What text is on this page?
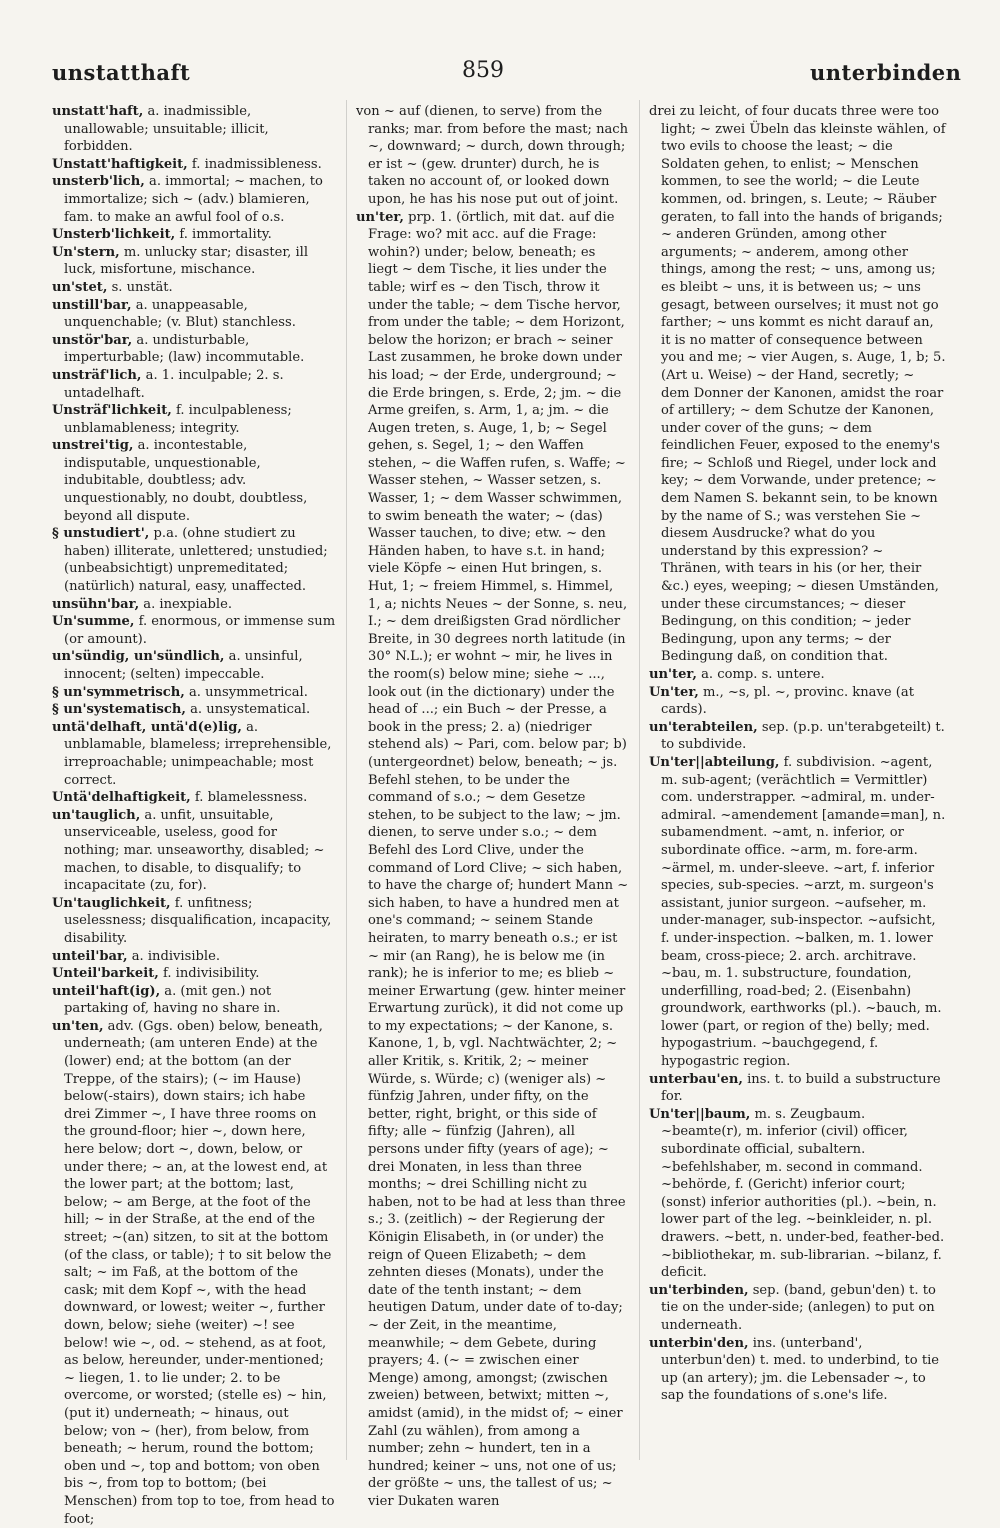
unstatthaft	859	unterbinden

unstatt'haft, a. inadmissible, unallowable; unsuitable; illicit, forbidden.

Unstatt'haftigkeit, f. inadmissibleness.

unsterb'lich, a. immortal; ~ machen, to immortalize; sich ~ (adv.) blamieren, fam. to make an awful fool of o.s.

Unsterb'lichkeit, f. immortality.

Un'stern, m. unlucky star; disaster, ill luck, misfortune, mischance.

un'stet, s. unstät.

unstill'bar, a. unappeasable, unquenchable; (v. Blut) stanchless.

unstör'bar, a. undisturbable, imperturbable; (law) incommutable.

unsträf'lich, a. 1. inculpable; 2. s. untadelhaft.

Unsträf'lichkeit, f. inculpableness; unblamableness; integrity.

unstrei'tig, a. incontestable, indisputable, unquestionable, indubitable, doubtless; adv. unquestionably, no doubt, doubtless, beyond all dispute.

§ unstudiert', p.a. (ohne studiert zu haben) illiterate, unlettered; unstudied; (unbeabsichtigt) unpremeditated; (natürlich) natural, easy, unaffected.

unsühn'bar, a. inexpiable.

Un'summe, f. enormous, or immense sum (or amount).

un'sündig, un'sündlich, a. unsinful, innocent; (selten) impeccable.

§ un'symmetrisch, a. unsymmetrical.

§ un'systematisch, a. unsystematical.

untä'delhaft, untä'd(e)lig, a. unblamable, blameless; irreprehensible, irreproachable; unimpeachable; most correct.

Untä'delhaftigkeit, f. blamelessness.

un'tauglich, a. unfit, unsuitable, unserviceable, useless, good for nothing; mar. unseaworthy, disabled; ~ machen, to disable, to disqualify; to incapacitate (zu, for).

Un'tauglichkeit, f. unfitness; uselessness; disqualification, incapacity, disability.

unteil'bar, a. indivisible.

Unteil'barkeit, f. indivisibility.

unteil'haft(ig), a. (mit gen.) not partaking of, having no share in.

un'ten, adv. (Ggs. oben) below, beneath, underneath; (am unteren Ende) at the (lower) end; at the bottom (an der Treppe, of the stairs); (~ im Hause) below(-stairs), down stairs; ich habe drei Zimmer ~, I have three rooms on the ground-floor; hier ~, down here, here below; dort ~, down, below, or under there; ~ an, at the lowest end, at the lower part; at the bottom; last, below; ~ am Berge, at the foot of the hill; ~ in der Straße, at the end of the street; ~(an) sitzen, to sit at the bottom (of the class, or table); † to sit below the salt; ~ im Faß, at the bottom of the cask; mit dem Kopf ~, with the head downward, or lowest; weiter ~, further down, below; siehe (weiter) ~! see below! wie ~, od. ~ stehend, as at foot, as below, hereunder, under-mentioned; ~ liegen, 1. to lie under; 2. to be overcome, or worsted; (stelle es) ~ hin, (put it) underneath; ~ hinaus, out below; von ~ (her), from below, from beneath; ~ herum, round the bottom; oben und ~, top and bottom; von oben bis ~, from top to bottom; (bei Menschen) from top to toe, from head to foot;

von ~ auf (dienen, to serve) from the ranks; mar. from before the mast; nach ~, downward; ~ durch, down through; er ist ~ (gew. drunter) durch, he is taken no account of, or looked down upon, he has his nose put out of joint.

un'ter, prp. 1. (örtlich, mit dat. auf die Frage: wo? mit acc. auf die Frage: wohin?) under; below, beneath; es liegt ~ dem Tische, it lies under the table; wirf es ~ den Tisch, throw it under the table; ~ dem Tische hervor, from under the table; ~ dem Horizont, below the horizon; er brach ~ seiner Last zusammen, he broke down under his load; ~ der Erde, underground; ~ die Erde bringen, s. Erde, 2; jm. ~ die Arme greifen, s. Arm, 1, a; jm. ~ die Augen treten, s. Auge, 1, b; ~ Segel gehen, s. Segel, 1; ~ den Waffen stehen, ~ die Waffen rufen, s. Waffe; ~ Wasser stehen, ~ Wasser setzen, s. Wasser, 1; ~ dem Wasser schwimmen, to swim beneath the water; ~ (das) Wasser tauchen, to dive; etw. ~ den Händen haben, to have s.t. in hand; viele Köpfe ~ einen Hut bringen, s. Hut, 1; ~ freiem Himmel, s. Himmel, 1, a; nichts Neues ~ der Sonne, s. neu, I.; ~ dem dreißigsten Grad nördlicher Breite, in 30 degrees north latitude (in 30° N.L.); er wohnt ~ mir, he lives in the room(s) below mine; siehe ~ ..., look out (in the dictionary) under the head of ...; ein Buch ~ der Presse, a book in the press; 2. a) (niedriger stehend als) ~ Pari, com. below par; b) (untergeordnet) below, beneath; ~ js. Befehl stehen, to be under the command of s.o.; ~ dem Gesetze stehen, to be subject to the law; ~ jm. dienen, to serve under s.o.; ~ dem Befehl des Lord Clive, under the command of Lord Clive; ~ sich haben, to have the charge of; hundert Mann ~ sich haben, to have a hundred men at one's command; ~ seinem Stande heiraten, to marry beneath o.s.; er ist ~ mir (an Rang), he is below me (in rank); he is inferior to me; es blieb ~ meiner Erwartung (gew. hinter meiner Erwartung zurück), it did not come up to my expectations; ~ der Kanone, s. Kanone, 1, b, vgl. Nachtwächter, 2; ~ aller Kritik, s. Kritik, 2; ~ meiner Würde, s. Würde; c) (weniger als) ~ fünfzig Jahren, under fifty, on the better, right, bright, or this side of fifty; alle ~ fünfzig (Jahren), all persons under fifty (years of age); ~ drei Monaten, in less than three months; ~ drei Schilling nicht zu haben, not to be had at less than three s.; 3. (zeitlich) ~ der Regierung der Königin Elisabeth, in (or under) the reign of Queen Elizabeth; ~ dem zehnten dieses (Monats), under the date of the tenth instant; ~ dem heutigen Datum, under date of to-day; ~ der Zeit, in the meantime, meanwhile; ~ dem Gebete, during prayers; 4. (~ = zwischen einer Menge) among, amongst; (zwischen zweien) between, betwixt; mitten ~, amidst (amid), in the midst of; ~ einer Zahl (zu wählen), from among a number; zehn ~ hundert, ten in a hundred; keiner ~ uns, not one of us; der größte ~ uns, the tallest of us; ~ vier Dukaten waren

drei zu leicht, of four ducats three were too light; ~ zwei Übeln das kleinste wählen, of two evils to choose the least; ~ die Soldaten gehen, to enlist; ~ Menschen kommen, to see the world; ~ die Leute kommen, od. bringen, s. Leute; ~ Räuber geraten, to fall into the hands of brigands; ~ anderen Gründen, among other arguments; ~ anderem, among other things, among the rest; ~ uns, among us; es bleibt ~ uns, it is between us; ~ uns gesagt, between ourselves; it must not go farther; ~ uns kommt es nicht darauf an, it is no matter of consequence between you and me; ~ vier Augen, s. Auge, 1, b; 5. (Art u. Weise) ~ der Hand, secretly; ~ dem Donner der Kanonen, amidst the roar of artillery; ~ dem Schutze der Kanonen, under cover of the guns; ~ dem feindlichen Feuer, exposed to the enemy's fire; ~ Schloß und Riegel, under lock and key; ~ dem Vorwande, under pretence; ~ dem Namen S. bekannt sein, to be known by the name of S.; was verstehen Sie ~ diesem Ausdrucke? what do you understand by this expression? ~ Thränen, with tears in his (or her, their &c.) eyes, weeping; ~ diesen Umständen, under these circumstances; ~ dieser Bedingung, on this condition; ~ jeder Bedingung, upon any terms; ~ der Bedingung daß, on condition that.

un'ter, a. comp. s. untere.

Un'ter, m., ~s, pl. ~, provinc. knave (at cards).

un'terabteilen, sep. (p.p. un'terabgeteilt) t. to subdivide.

Un'ter||abteilung, f. subdivision. ~agent, m. sub-agent; (verächtlich = Vermittler) com. understrapper. ~admiral, m. under-admiral. ~amendement [amande=man], n. subamendment. ~amt, n. inferior, or subordinate office. ~arm, m. fore-arm. ~ärmel, m. under-sleeve. ~art, f. inferior species, sub-species. ~arzt, m. surgeon's assistant, junior surgeon. ~aufseher, m. under-manager, sub-inspector. ~aufsicht, f. under-inspection. ~balken, m. 1. lower beam, cross-piece; 2. arch. architrave. ~bau, m. 1. substructure, foundation, underfilling, road-bed; 2. (Eisenbahn) groundwork, earthworks (pl.). ~bauch, m. lower (part, or region of the) belly; med. hypogastrium. ~bauchgegend, f. hypogastric region.

unterbau'en, ins. t. to build a substructure for.

Un'ter||baum, m. s. Zeugbaum. ~beamte(r), m. inferior (civil) officer, subordinate official, subaltern. ~befehlshaber, m. second in command. ~behörde, f. (Gericht) inferior court; (sonst) inferior authorities (pl.). ~bein, n. lower part of the leg. ~beinkleider, n. pl. drawers. ~bett, n. under-bed, feather-bed. ~bibliothekar, m. sub-librarian. ~bilanz, f. deficit.

un'terbinden, sep. (band, gebun'den) t. to tie on the under-side; (anlegen) to put on underneath.

unterbin'den, ins. (unterband', unterbun'den) t. med. to underbind, to tie up (an artery); jm. die Lebensader ~, to sap the foundations of s.one's life.
